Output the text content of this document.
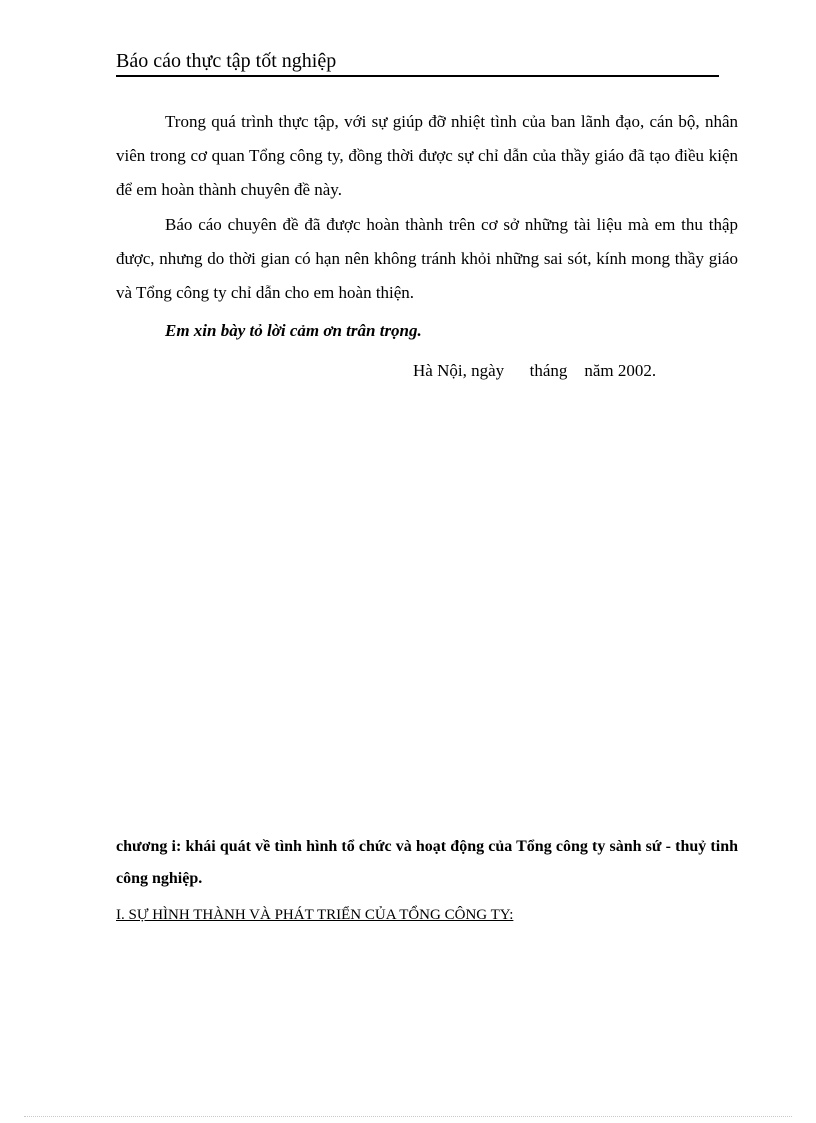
Báo cáo thực tập tốt nghiệp

Trong quá trình thực tập, với sự giúp đỡ nhiệt tình của ban lãnh đạo, cán bộ, nhân viên trong cơ quan Tổng công ty, đồng thời được sự chỉ dẫn của thầy giáo đã tạo điều kiện để em hoàn thành chuyên đề này.

Báo cáo chuyên đề đã được hoàn thành trên cơ sở những tài liệu mà em thu thập được, nhưng do thời gian có hạn nên không tránh khỏi những sai sót, kính mong thầy giáo và Tổng công ty chỉ dẫn cho em hoàn thiện.

Em xin bày tỏ lời cảm ơn trân trọng.
Hà Nội, ngày      tháng    năm 2002.

chương i: khái quát về tình hình tổ chức và hoạt động của Tổng công ty sành sứ - thuỷ tinh công nghiệp.

I. SỰ HÌNH THÀNH VÀ PHÁT TRIỂN CỦA TỔNG CÔNG TY:
